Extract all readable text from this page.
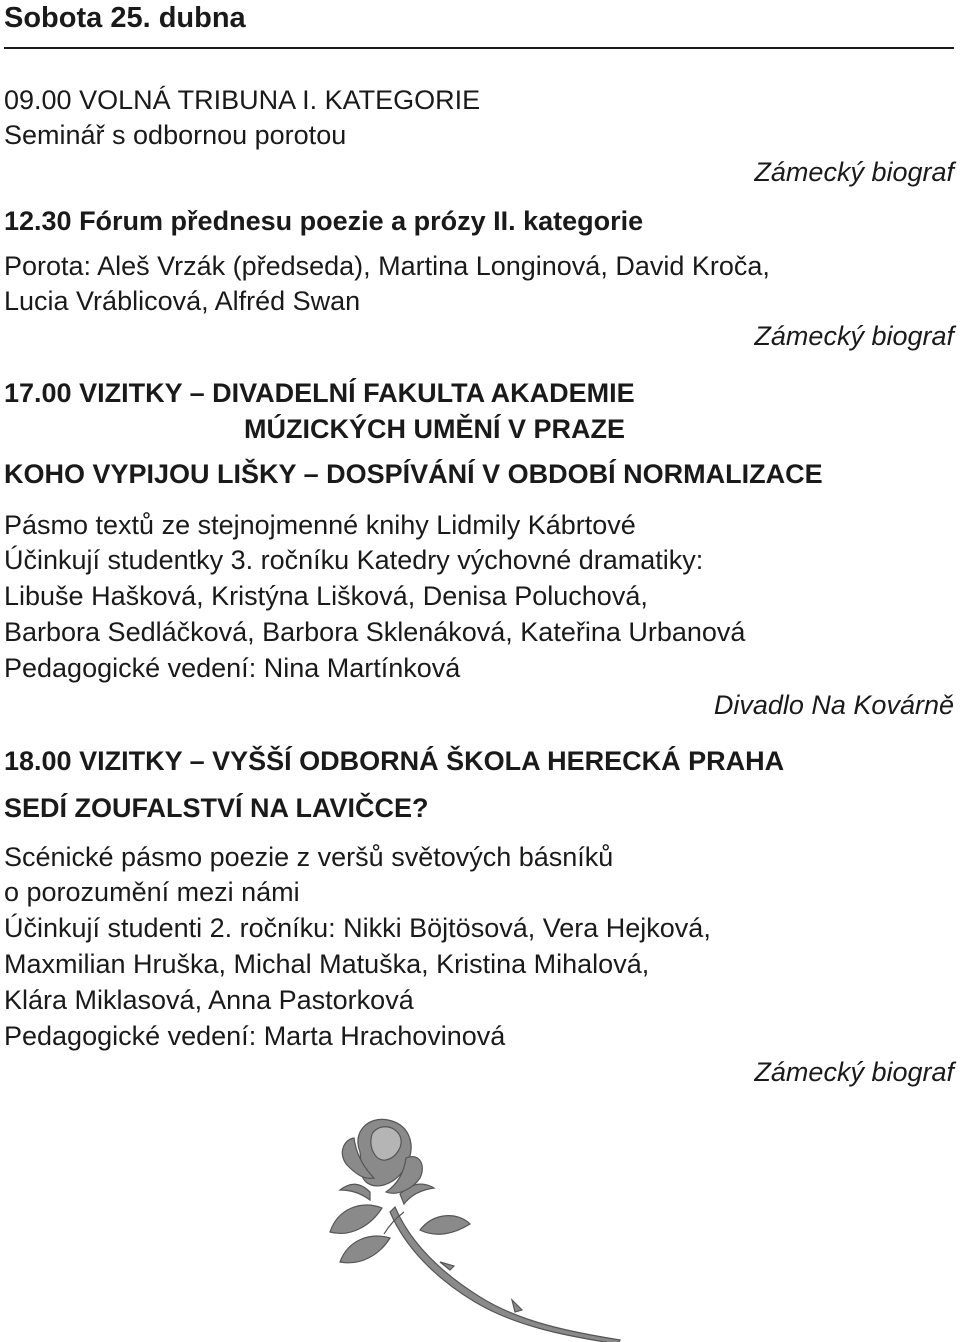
Sobota 25. dubna
09.00 VOLNÁ TRIBUNA I. KATEGORIE
Seminář s odbornou porotou
Zámecký biograf
12.30 Fórum přednesu poezie a prózy II. kategorie
Porota: Aleš Vrzák (předseda), Martina Longinová, David Kroča,
Lucia Vráblicová, Alfréd Swan
Zámecký biograf
17.00 VIZITKY – DIVADELNÍ FAKULTA AKADEMIE
MÚZICKÝCH UMĚNÍ V PRAZE
KOHO VYPIJOU LIŠKY – DOSPÍVÁNÍ V OBDOBÍ NORMALIZACE
Pásmo textů ze stejnojmenné knihy Lidmily Kábrtové
Účinkují studentky 3. ročníku Katedry výchovné dramatiky:
Libuše Hašková, Kristýna Lišková, Denisa Poluchová,
Barbora Sedláčková, Barbora Sklenáková, Kateřina Urbanová
Pedagogické vedení: Nina Martínková
Divadlo Na Kovárně
18.00 VIZITKY – VYŠŠÍ ODBORNÁ ŠKOLA HERECKÁ PRAHA
SEDÍ ZOUFALSTVÍ NA LAVIČCE?
Scénické pásmo poezie z veršů světových básníků
o porozumění mezi námi
Účinkují studenti 2. ročníku: Nikki Böjtösová, Vera Hejková,
Maxmilian Hruška, Michal Matuška, Kristina Mihalová,
Klára Miklasová, Anna Pastorková
Pedagogické vedení: Marta Hrachovinová
Zámecký biograf
